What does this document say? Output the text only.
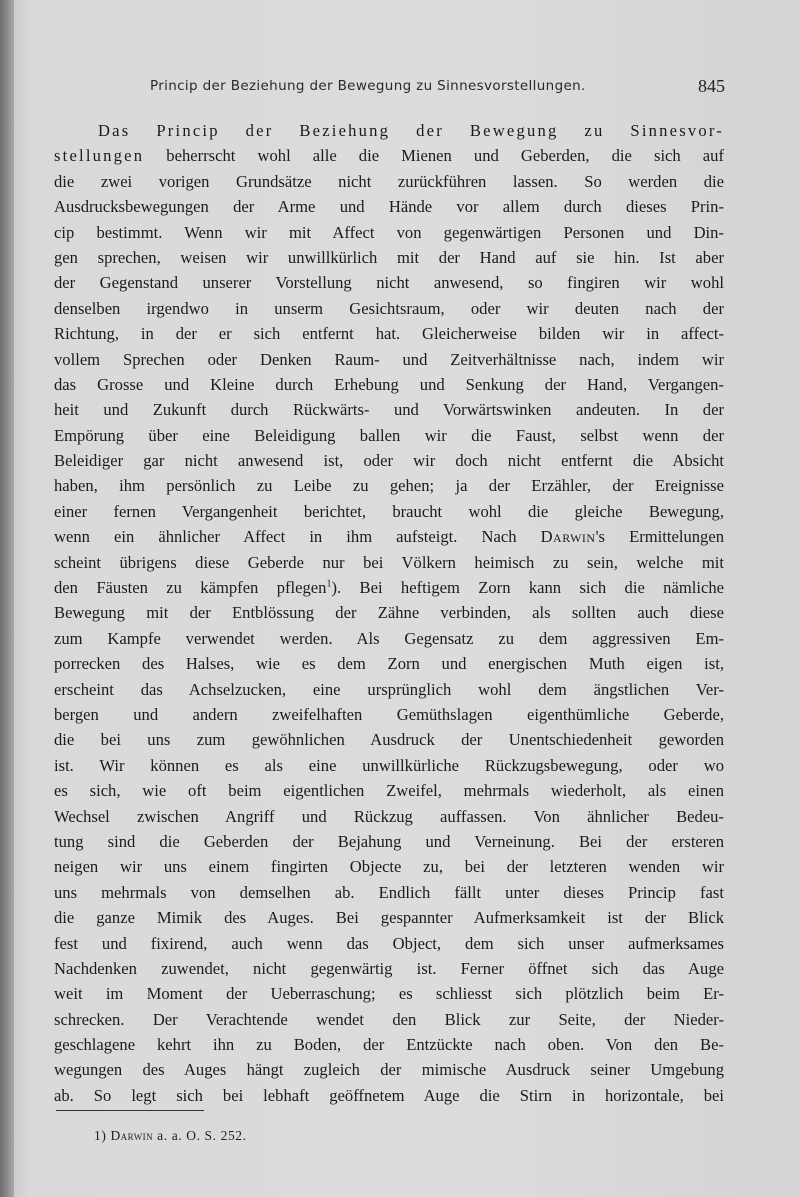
Princip der Beziehung der Bewegung zu Sinnesvorstellungen.	845
Das Princip der Beziehung der Bewegung zu Sinnesvor-
stellungen beherrscht wohl alle die Mienen und Geberden, die sich auf
die zwei vorigen Grundsätze nicht zurückführen lassen. So werden die
Ausdrucksbewegungen der Arme und Hände vor allem durch dieses Prin-
cip bestimmt. Wenn wir mit Affect von gegenwärtigen Personen und Din-
gen sprechen, weisen wir unwillkürlich mit der Hand auf sie hin. Ist aber
der Gegenstand unserer Vorstellung nicht anwesend, so fingiren wir wohl
denselben irgendwo in unserm Gesichtsraum, oder wir deuten nach der
Richtung, in der er sich entfernt hat. Gleicherweise bilden wir in affect-
vollem Sprechen oder Denken Raum- und Zeitverhältnisse nach, indem wir
das Grosse und Kleine durch Erhebung und Senkung der Hand, Vergangen-
heit und Zukunft durch Rückwärts- und Vorwärtswinken andeuten. In der
Empörung über eine Beleidigung ballen wir die Faust, selbst wenn der
Beleidiger gar nicht anwesend ist, oder wir doch nicht entfernt die Absicht
haben, ihm persönlich zu Leibe zu gehen; ja der Erzähler, der Ereignisse
einer fernen Vergangenheit berichtet, braucht wohl die gleiche Bewegung,
wenn ein ähnlicher Affect in ihm aufsteigt. Nach Darwin's Ermittelungen
scheint übrigens diese Geberde nur bei Völkern heimisch zu sein, welche mit
den Fäusten zu kämpfen pflegen$^1$). Bei heftigem Zorn kann sich die nämliche
Bewegung mit der Entblössung der Zähne verbinden, als sollten auch diese
zum Kampfe verwendet werden. Als Gegensatz zu dem aggressiven Em-
porrecken des Halses, wie es dem Zorn und energischen Muth eigen ist,
erscheint das Achselzucken, eine ursprünglich wohl dem ängstlichen Ver-
bergen und andern zweifelhaften Gemüthslagen eigenthümliche Geberde,
die bei uns zum gewöhnlichen Ausdruck der Unentschiedenheit geworden
ist. Wir können es als eine unwillkürliche Rückzugsbewegung, oder wo
es sich, wie oft beim eigentlichen Zweifel, mehrmals wiederholt, als einen
Wechsel zwischen Angriff und Rückzug auffassen. Von ähnlicher Bedeu-
tung sind die Geberden der Bejahung und Verneinung. Bei der ersteren
neigen wir uns einem fingirten Objecte zu, bei der letzteren wenden wir
uns mehrmals von demselhen ab. Endlich fällt unter dieses Princip fast
die ganze Mimik des Auges. Bei gespannter Aufmerksamkeit ist der Blick
fest und fixirend, auch wenn das Object, dem sich unser aufmerksames
Nachdenken zuwendet, nicht gegenwärtig ist. Ferner öffnet sich das Auge
weit im Moment der Ueberraschung; es schliesst sich plötzlich beim Er-
schrecken. Der Verachtende wendet den Blick zur Seite, der Nieder-
geschlagene kehrt ihn zu Boden, der Entzückte nach oben. Von den Be-
wegungen des Auges hängt zugleich der mimische Ausdruck seiner Umgebung
ab. So legt sich bei lebhaft geöffnetem Auge die Stirn in horizontale, bei
1) Darwin a. a. O. S. 252.
